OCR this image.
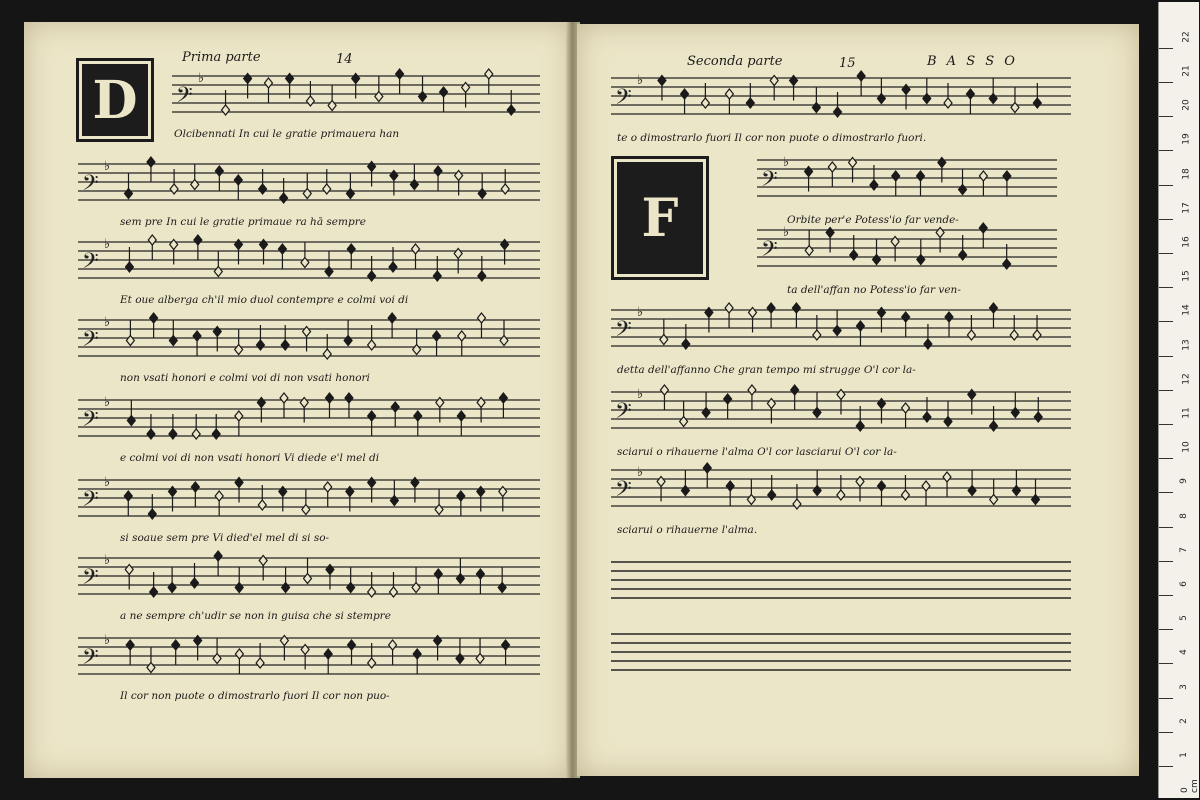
Prima parte	14
D	𝄢
♭
Olcibennati In cui le gratie primauera han
𝄢
♭
sem pre In cui le gratie primaue ra hā sempre
𝄢
♭
Et oue alberga ch'il mio duol contempre e colmi voi di
𝄢
♭
non vsati honori e colmi voi di non vsati honori
𝄢
♭
e colmi voi di non vsati honori Vi diede e'l mel di
𝄢
♭
si soaue sem pre Vi died'el mel di si so-
𝄢
♭
a ne sempre ch'udir se non in guisa che si stempre
𝄢
♭
Il cor non puote o dimostrarlo fuori Il cor non puo-
Seconda parte	15	B A S S O
F
𝄢
♭
te o dimostrarlo fuori Il cor non puote o dimostrarlo fuori.
𝄢
♭
Orbite per'e Potess'io far vende-
𝄢
♭
ta dell'affan no Potess'io far ven-
𝄢
♭
detta dell'affanno Che gran tempo mi strugge O'l cor la-
𝄢
♭
sciarui o rihauerne l'alma O'l cor lasciarui O'l cor la-
𝄢
♭
sciarui o rihauerne l'alma.
1
2
3
4
5
6
7
8
9
10
11
12
13
14
15
16
17
18
19
20
21
22
0 cm
